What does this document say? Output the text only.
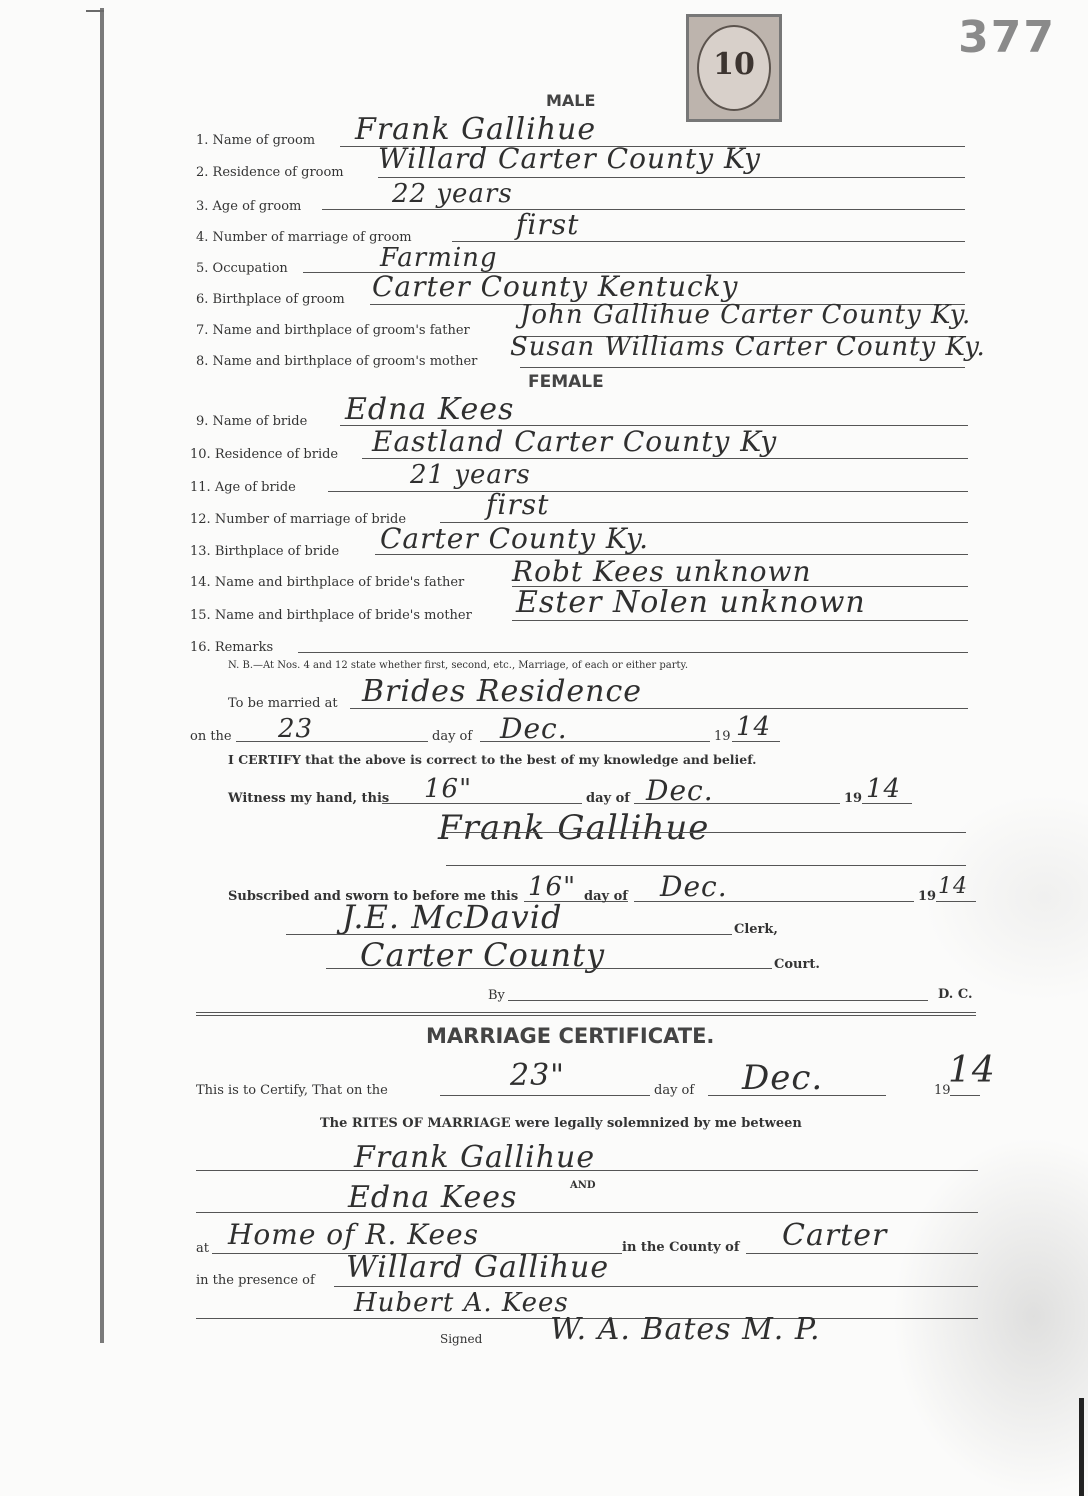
377
10
MALE
1. Name of groom Frank Gallihue
2. Residence of groom Willard Carter County Ky
3. Age of groom	22 years
4. Number of marriage of groom	first
5. Occupation	Farming
6. Birthplace of groom Carter County Kentucky
7. Name and birthplace of groom's father
John Gallihue Carter County Ky.
8. Name and birthplace of groom's mother Susan Williams Carter County Ky.
FEMALE
9. Name of bride Edna Kees
10. Residence of bride Eastland Carter County Ky
11. Age of bride	21 years
12. Number of marriage of bride	first
13. Birthplace of bride Carter County Ky.
14. Name and birthplace of bride's father Robt Kees unknown
15. Name and birthplace of bride's mother Ester Nolen unknown
16. Remarks
N. B.—At Nos. 4 and 12 state whether first, second, etc., Marriage, of each or either party.
To be married at Brides Residence
on the 23	day of Dec.	19 14
I CERTIFY that the above is correct to the best of my knowledge and belief.
Witness my hand, this 16"	day of Dec.	19 14
Frank Gallihue
Subscribed and sworn to before me this 16" day of Dec.	19 14
J.E. McDavid	Clerk,
Carter County	Court.
By	D. C.
MARRIAGE CERTIFICATE.
This is to Certify, That on the	23"	day of Dec.	19
14
The RITES OF MARRIAGE were legally solemnized by me between
Frank Gallihue
AND
Edna Kees
at Home of R. Kees	in the County of Carter
in the presence of Willard Gallihue
Hubert A. Kees
Signed W. A. Bates M. P.
